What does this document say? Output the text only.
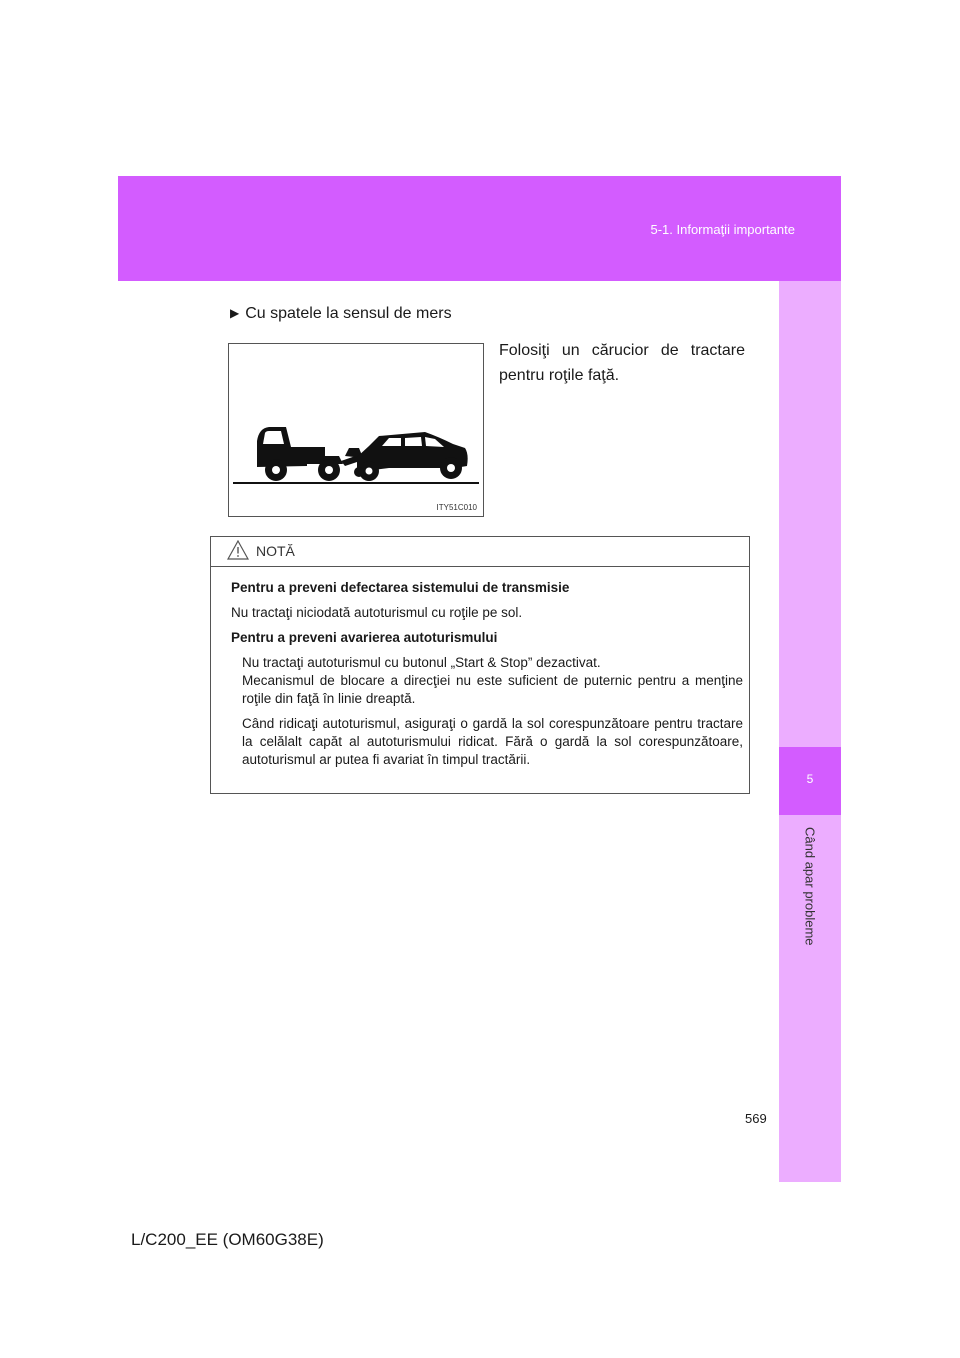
5-1. Informaţii importante
5
Când apar probleme
▶ Cu spatele la sensul de mers
ITY51C010
Folosiţi un cărucior de tractare pentru roţile faţă.
NOTĂ

Pentru a preveni defectarea sistemului de transmisie

Nu tractaţi niciodată autoturismul cu roţile pe sol.

Pentru a preveni avarierea autoturismului

Nu tractaţi autoturismul cu butonul „Start & Stop” dezactivat.

Mecanismul de blocare a direcţiei nu este suficient de puternic pentru a menţine roţile din faţă în linie dreaptă.

Când ridicaţi autoturismul, asiguraţi o gardă la sol corespunzătoare pentru tractare la celălalt capăt al autoturismului ridicat. Fără o gardă la sol corespunzătoare, autoturismul ar putea fi avariat în timpul tractării.

569
L/C200_EE (OM60G38E)
